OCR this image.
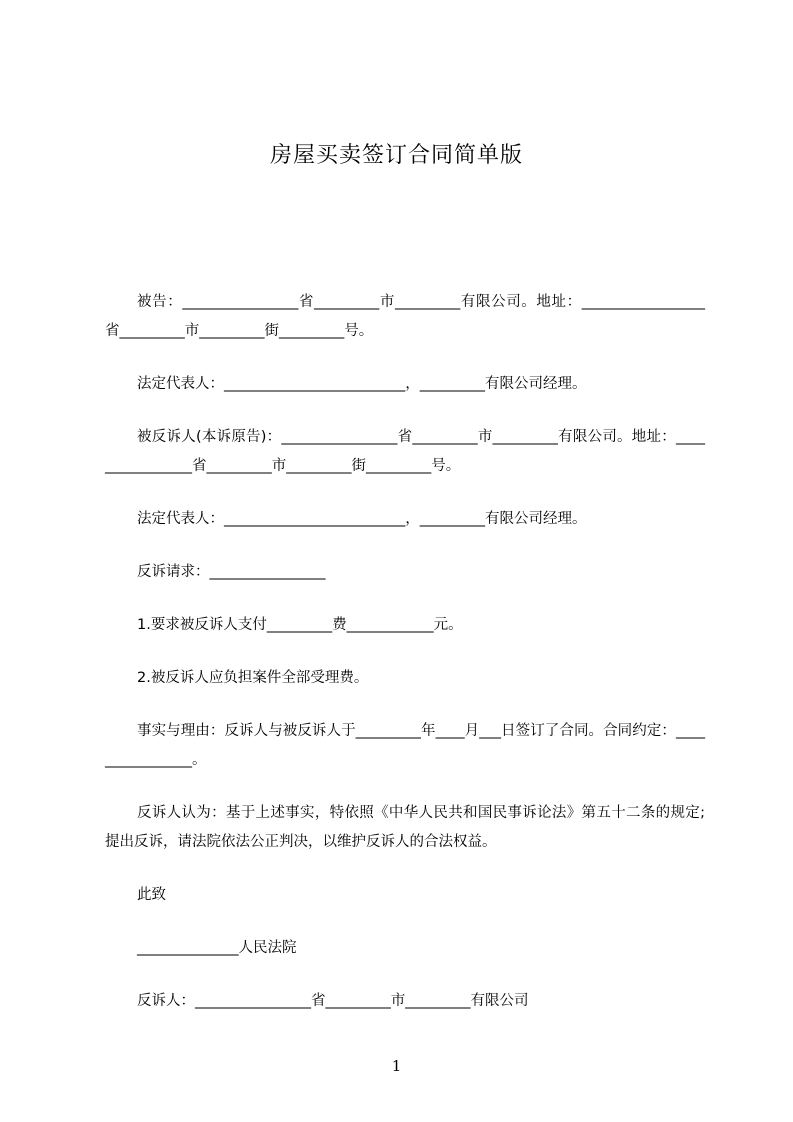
房屋买卖签订合同简单版

被告：________________省_________市_________有限公司。地址：_________________省_________市_________街_________号。

法定代表人：_________________________，_________有限公司经理。

被反诉人(本诉原告)：________________省_________市_________有限公司。地址：________________省_________市_________街_________号。

法定代表人：_________________________，_________有限公司经理。

反诉请求：________________

1.要求被反诉人支付_________费____________元。

2.被反诉人应负担案件全部受理费。

事实与理由：反诉人与被反诉人于_________年____月___日签订了合同。合同约定：________________。

反诉人认为：基于上述事实，特依照《中华人民共和国民事诉论法》第五十二条的规定;提出反诉，请法院依法公正判决，以维护反诉人的合法权益。

此致

______________人民法院

反诉人：________________省_________市_________有限公司

1
